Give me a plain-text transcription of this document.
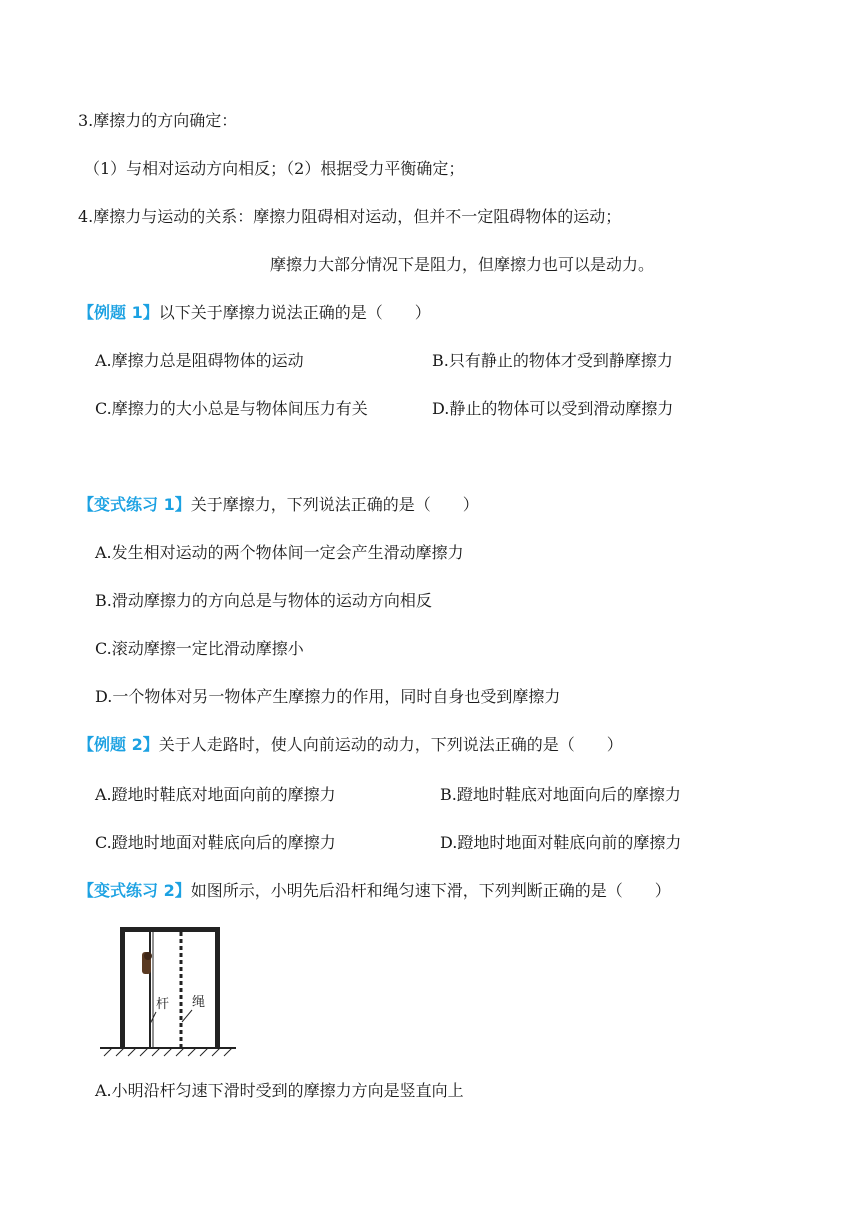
3.摩擦力的方向确定：
（1）与相对运动方向相反；（2）根据受力平衡确定；
4.摩擦力与运动的关系：摩擦力阻碍相对运动，但并不一定阻碍物体的运动；
摩擦力大部分情况下是阻力，但摩擦力也可以是动力。
【例题 1】以下关于摩擦力说法正确的是（　　）
A.摩擦力总是阻碍物体的运动	B.只有静止的物体才受到静摩擦力
C.摩擦力的大小总是与物体间压力有关	D.静止的物体可以受到滑动摩擦力
【变式练习 1】关于摩擦力，下列说法正确的是（　　）
A.发生相对运动的两个物体间一定会产生滑动摩擦力
B.滑动摩擦力的方向总是与物体的运动方向相反
C.滚动摩擦一定比滑动摩擦小
D.一个物体对另一物体产生摩擦力的作用，同时自身也受到摩擦力
【例题 2】关于人走路时，使人向前运动的动力，下列说法正确的是（　　）
A.蹬地时鞋底对地面向前的摩擦力	B.蹬地时鞋底对地面向后的摩擦力
C.蹬地时地面对鞋底向后的摩擦力	D.蹬地时地面对鞋底向前的摩擦力
【变式练习 2】如图所示，小明先后沿杆和绳匀速下滑，下列判断正确的是（　　）
杆 绳
A.小明沿杆匀速下滑时受到的摩擦力方向是竖直向上
